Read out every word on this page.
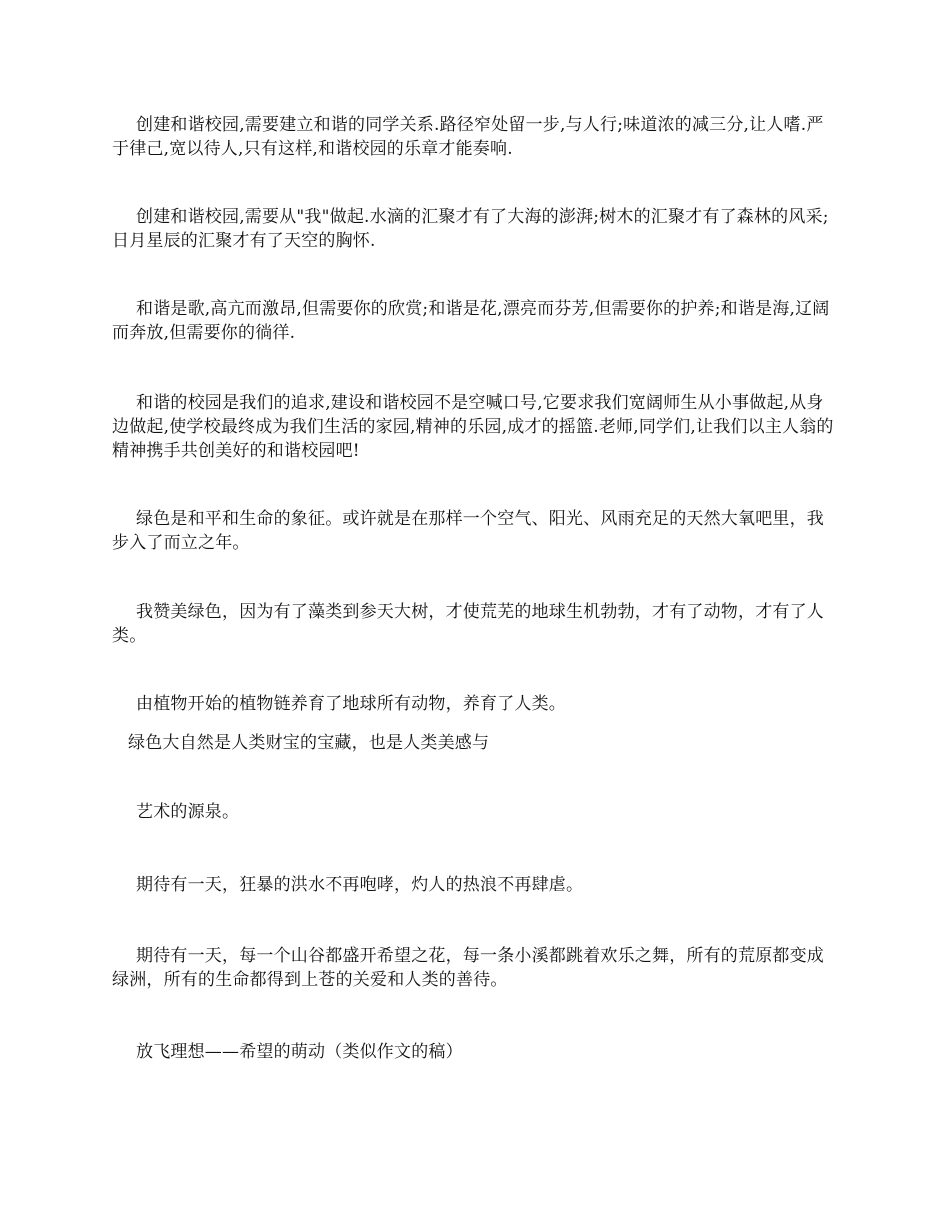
创建和谐校园,需要建立和谐的同学关系.路径窄处留一步,与人行;味道浓的减三分,让人嗜.严于律己,宽以待人,只有这样,和谐校园的乐章才能奏响.

创建和谐校园,需要从"我"做起.水滴的汇聚才有了大海的澎湃;树木的汇聚才有了森林的风采;日月星辰的汇聚才有了天空的胸怀.

和谐是歌,高亢而激昂,但需要你的欣赏;和谐是花,漂亮而芬芳,但需要你的护养;和谐是海,辽阔而奔放,但需要你的徜徉.

和谐的校园是我们的追求,建设和谐校园不是空喊口号,它要求我们宽阔师生从小事做起,从身边做起,使学校最终成为我们生活的家园,精神的乐园,成才的摇篮.老师,同学们,让我们以主人翁的精神携手共创美好的和谐校园吧!

绿色是和平和生命的象征。或许就是在那样一个空气、阳光、风雨充足的天然大氧吧里，我步入了而立之年。

我赞美绿色，因为有了藻类到参天大树，才使荒芜的地球生机勃勃，才有了动物，才有了人类。

由植物开始的植物链养育了地球所有动物，养育了人类。

绿色大自然是人类财宝的宝藏，也是人类美感与

艺术的源泉。

期待有一天，狂暴的洪水不再咆哮，灼人的热浪不再肆虐。

期待有一天，每一个山谷都盛开希望之花，每一条小溪都跳着欢乐之舞，所有的荒原都变成绿洲，所有的生命都得到上苍的关爱和人类的善待。

放飞理想——希望的萌动（类似作文的稿）
